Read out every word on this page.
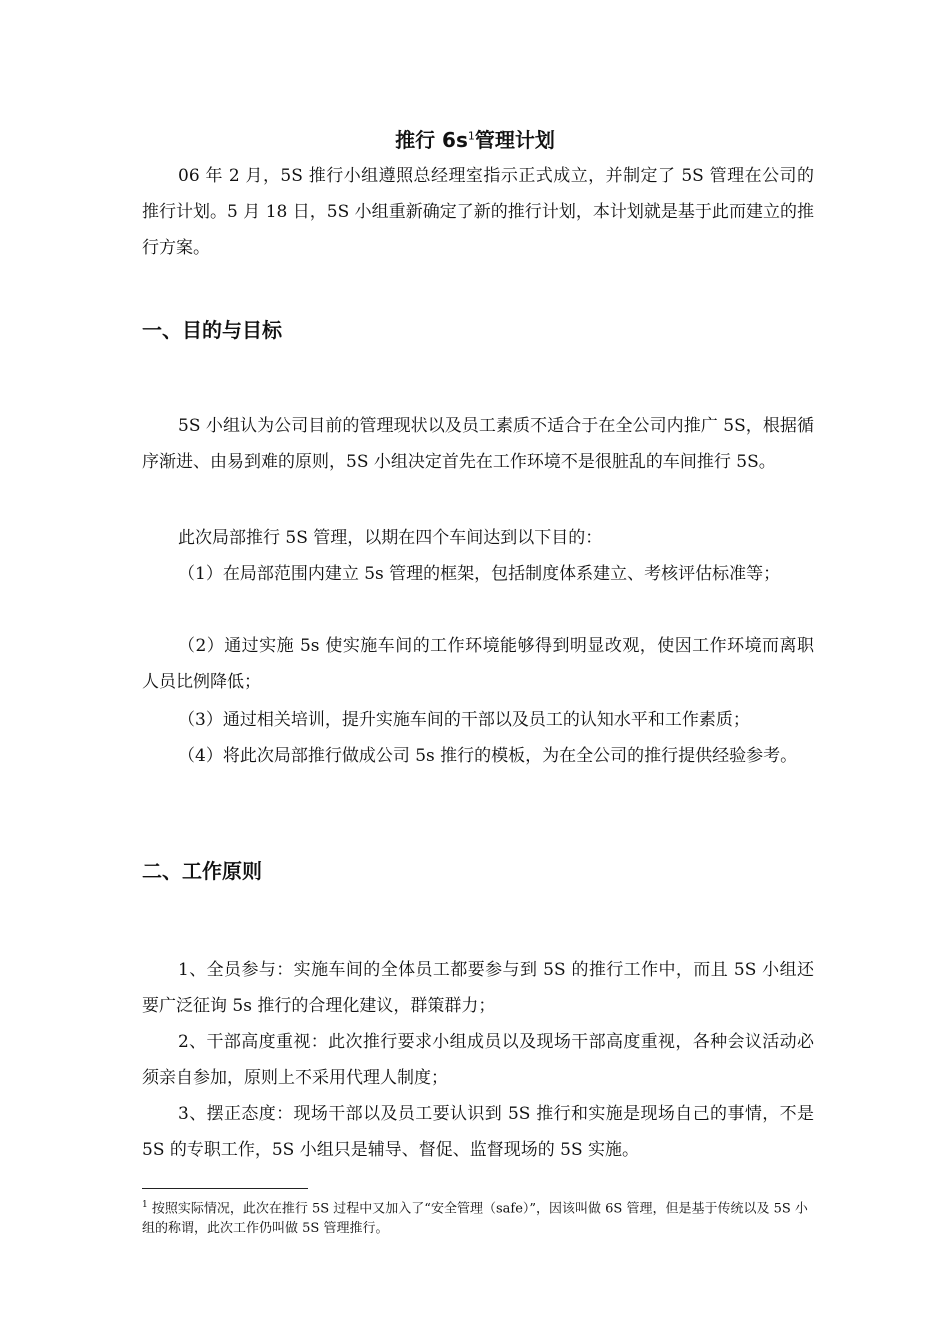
推行 $6s^1$管理计划

06 年 2 月，5S 推行小组遵照总经理室指示正式成立，并制定了 5S 管理在公司的推行计划。5 月 18 日，5S 小组重新确定了新的推行计划，本计划就是基于此而建立的推行方案。

一、目的与目标

5S 小组认为公司目前的管理现状以及员工素质不适合于在全公司内推广 5S，根据循序渐进、由易到难的原则，5S 小组决定首先在工作环境不是很脏乱的车间推行 5S。

此次局部推行 5S 管理，以期在四个车间达到以下目的：

（1）在局部范围内建立 5s 管理的框架，包括制度体系建立、考核评估标准等；

（2）通过实施 5s 使实施车间的工作环境能够得到明显改观，使因工作环境而离职人员比例降低；

（3）通过相关培训，提升实施车间的干部以及员工的认知水平和工作素质；

（4）将此次局部推行做成公司 5s 推行的模板，为在全公司的推行提供经验参考。

二、工作原则

1、全员参与：实施车间的全体员工都要参与到 5S 的推行工作中，而且 5S 小组还要广泛征询 5s 推行的合理化建议，群策群力；

2、干部高度重视：此次推行要求小组成员以及现场干部高度重视，各种会议活动必须亲自参加，原则上不采用代理人制度；

3、摆正态度：现场干部以及员工要认识到 5S 推行和实施是现场自己的事情，不是 5S 的专职工作，5S 小组只是辅导、督促、监督现场的 5S 实施。

$^1$ 按照实际情况，此次在推行 5S 过程中又加入了“安全管理（safe）”，因该叫做 6S 管理，但是基于传统以及 5S 小组的称谓，此次工作仍叫做 5S 管理推行。
